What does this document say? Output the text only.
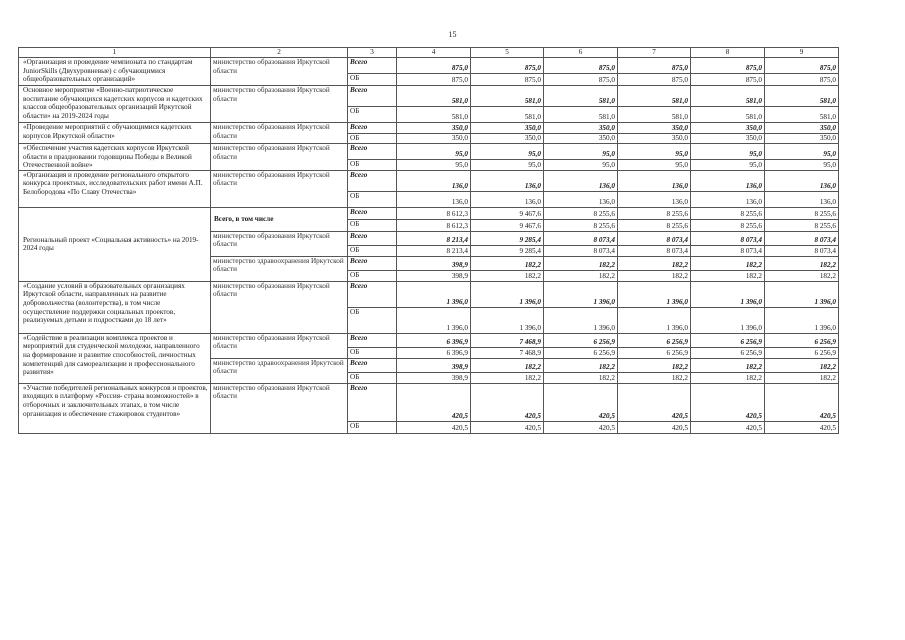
15
1	2	3	4	5	6	7	8	9
«Организация и проведение чемпионата по стандартам JuniorSkills (Двухуровневые) с обучающимися общеобразовательных организаций»	министерство образования Иркутской области	Всего	875,0	875,0	875,0	875,0	875,0	875,0
		ОБ	875,0	875,0	875,0	875,0	875,0	875,0
Основное мероприятие «Военно-патриотическое воспитание обучающихся кадетских корпусов и кадетских классов общеобразовательных организаций Иркутской области» на 2019-2024 годы	министерство образования Иркутской области	Всего	581,0	581,0	581,0	581,0	581,0	581,0
		ОБ	581,0	581,0	581,0	581,0	581,0	581,0
«Проведение мероприятий с обучающимися кадетских корпусов Иркутской области»	министерство образования Иркутской области	Всего	350,0	350,0	350,0	350,0	350,0	350,0
		ОБ	350,0	350,0	350,0	350,0	350,0	350,0
«Обеспечение участия кадетских корпусов Иркутской области в праздновании годовщины Победы в Великой Отечественной войне»	министерство образования Иркутской области	Всего	95,0	95,0	95,0	95,0	95,0	95,0
		ОБ	95,0	95,0	95,0	95,0	95,0	95,0
«Организация и проведение регионального открытого конкурса проектных, исследовательских работ имени А.П. Белобородова «По Славу Отечества»	министерство образования Иркутской области	Всего	136,0	136,0	136,0	136,0	136,0	136,0
		ОБ	136,0	136,0	136,0	136,0	136,0	136,0
Региональный проект «Социальная активность» на 2019-2024 годы	Всего, в том числе	Всего	8 612,3	9 467,6	8 255,6	8 255,6	8 255,6	8 255,6
		ОБ	8 612,3	9 467,6	8 255,6	8 255,6	8 255,6	8 255,6
	министерство образования Иркутской области	Всего	8 213,4	9 285,4	8 073,4	8 073,4	8 073,4	8 073,4
		ОБ	8 213,4	9 285,4	8 073,4	8 073,4	8 073,4	8 073,4
	министерство здравоохранения Иркутской области	Всего	398,9	182,2	182,2	182,2	182,2	182,2
		ОБ	398,9	182,2	182,2	182,2	182,2	182,2
«Создание условий в образовательных организациях Иркутской области, направленных на развитие добровольчества (волонтерства), в том числе осуществление поддержки социальных проектов, реализуемых детьми и подростками до 18 лет»	министерство образования Иркутской области	Всего	1 396,0	1 396,0	1 396,0	1 396,0	1 396,0	1 396,0
		ОБ	1 396,0	1 396,0	1 396,0	1 396,0	1 396,0	1 396,0
«Содействие в реализации комплекса проектов и мероприятий для студенческой молодежи, направленного на формирование и развитие способностей, личностных компетенций для самореализации и профессионального развития»	министерство образования Иркутской области	Всего	6 396,9	7 468,9	6 256,9	6 256,9	6 256,9	6 256,9
		ОБ	6 396,9	7 468,9	6 256,9	6 256,9	6 256,9	6 256,9
	министерство здравоохранения Иркутской области	Всего	398,9	182,2	182,2	182,2	182,2	182,2
		ОБ	398,9	182,2	182,2	182,2	182,2	182,2
«Участие победителей региональных конкурсов и проектов, входящих в платформу «Россия- страна возможностей» в отборочных и заключительных этапах, в том числе организация и обеспечение стажировок студентов»	министерство образования Иркутской области	Всего	420,5	420,5	420,5	420,5	420,5	420,5
		ОБ	420,5	420,5	420,5	420,5	420,5	420,5
